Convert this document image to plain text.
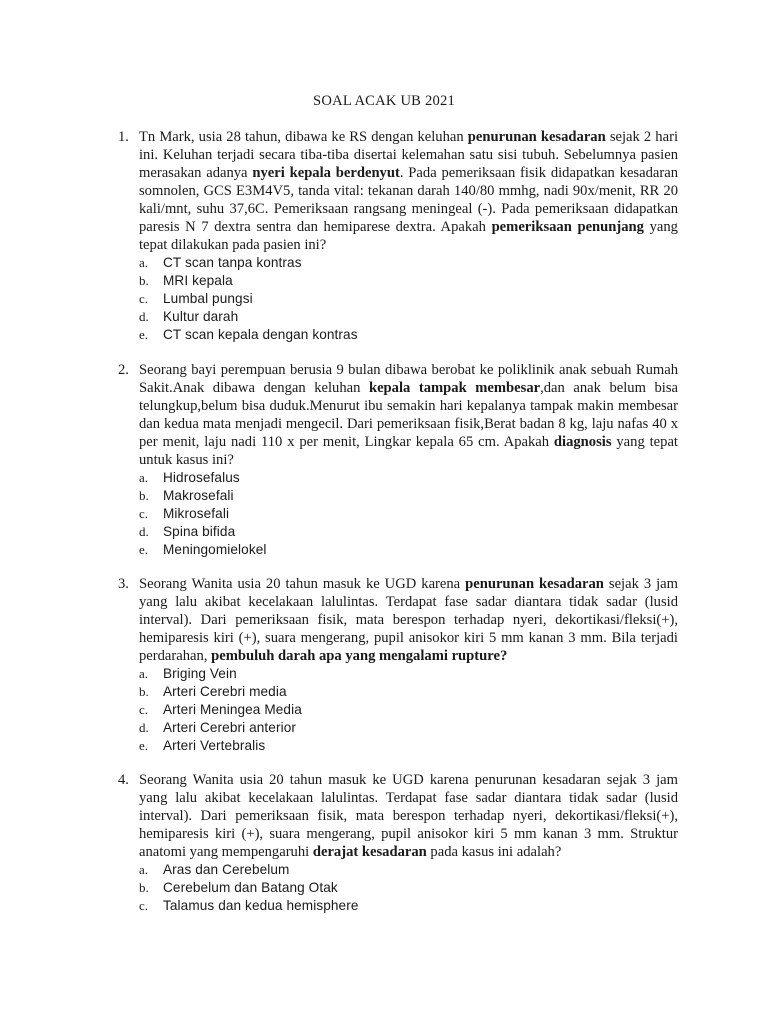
SOAL ACAK UB 2021
1. Tn Mark, usia 28 tahun, dibawa ke RS dengan keluhan penurunan kesadaran sejak 2 hari ini. Keluhan terjadi secara tiba-tiba disertai kelemahan satu sisi tubuh. Sebelumnya pasien merasakan adanya nyeri kepala berdenyut. Pada pemeriksaan fisik didapatkan kesadaran somnolen, GCS E3M4V5, tanda vital: tekanan darah 140/80 mmhg, nadi 90x/menit, RR 20 kali/mnt, suhu 37,6C. Pemeriksaan rangsang meningeal (-). Pada pemeriksaan didapatkan paresis N 7 dextra sentra dan hemiparese dextra. Apakah pemeriksaan penunjang yang tepat dilakukan pada pasien ini?

a. CT scan tanpa kontras
b. MRI kepala
c. Lumbal pungsi
d. Kultur darah
e. CT scan kepala dengan kontras
2. Seorang bayi perempuan berusia 9 bulan dibawa berobat ke poliklinik anak sebuah Rumah Sakit.Anak dibawa dengan keluhan kepala tampak membesar,dan anak belum bisa telungkup,belum bisa duduk.Menurut ibu semakin hari kepalanya tampak makin membesar dan kedua mata menjadi mengecil. Dari pemeriksaan fisik,Berat badan 8 kg, laju nafas 40 x per menit, laju nadi 110 x per menit, Lingkar kepala 65 cm. Apakah diagnosis yang tepat untuk kasus ini?

a. Hidrosefalus
b. Makrosefali
c. Mikrosefali
d. Spina bifida
e. Meningomielokel
3. Seorang Wanita usia 20 tahun masuk ke UGD karena penurunan kesadaran sejak 3 jam yang lalu akibat kecelakaan lalulintas. Terdapat fase sadar diantara tidak sadar (lusid interval). Dari pemeriksaan fisik, mata berespon terhadap nyeri, dekortikasi/fleksi(+), hemiparesis kiri (+), suara mengerang, pupil anisokor kiri 5 mm kanan 3 mm. Bila terjadi perdarahan, pembuluh darah apa yang mengalami rupture?

a. Briging Vein
b. Arteri Cerebri media
c. Arteri Meningea Media
d. Arteri Cerebri anterior
e. Arteri Vertebralis
4. Seorang Wanita usia 20 tahun masuk ke UGD karena penurunan kesadaran sejak 3 jam yang lalu akibat kecelakaan lalulintas. Terdapat fase sadar diantara tidak sadar (lusid interval). Dari pemeriksaan fisik, mata berespon terhadap nyeri, dekortikasi/fleksi(+), hemiparesis kiri (+), suara mengerang, pupil anisokor kiri 5 mm kanan 3 mm. Struktur anatomi yang mempengaruhi derajat kesadaran pada kasus ini adalah?

a. Aras dan Cerebelum
b. Cerebelum dan Batang Otak
c. Talamus dan kedua hemisphere
